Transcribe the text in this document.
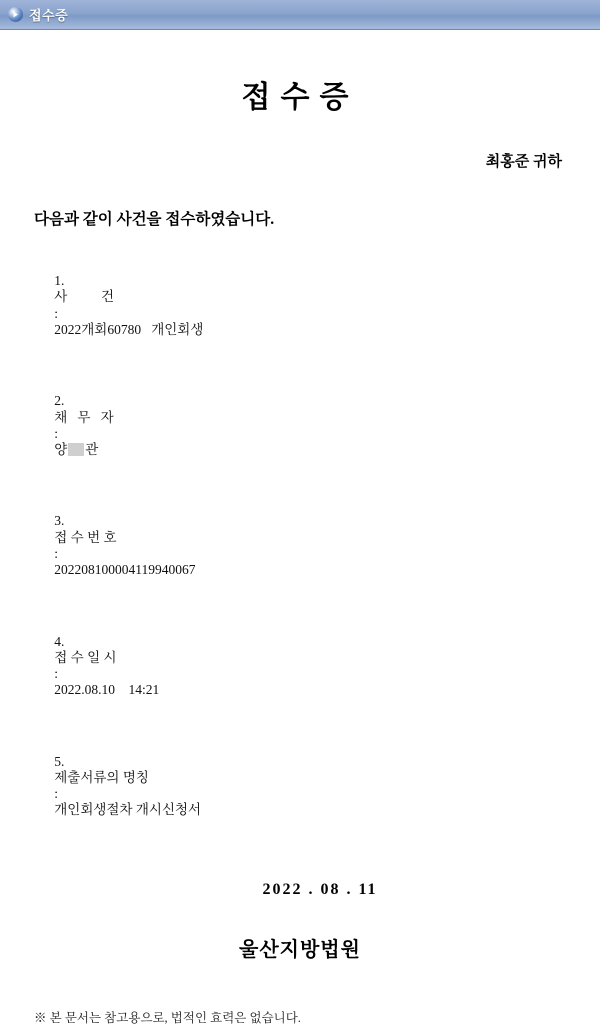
접수증
접수증
최홍준 귀하
다음과 같이 사건을 접수하였습니다.

1.
사          건
:
2022개회60780   개인회생

2.
채   무   자
:
양 관

3.
접 수 번 호
:
202208100004119940067

4.
접 수 일 시
:
2022.08.10    14:21

5.
제출서류의 명칭
:
개인회생절차 개시신청서

2022 . 08 . 11
울산지방법원
※ 본 문서는 참고용으로, 법적인 효력은 없습니다.
